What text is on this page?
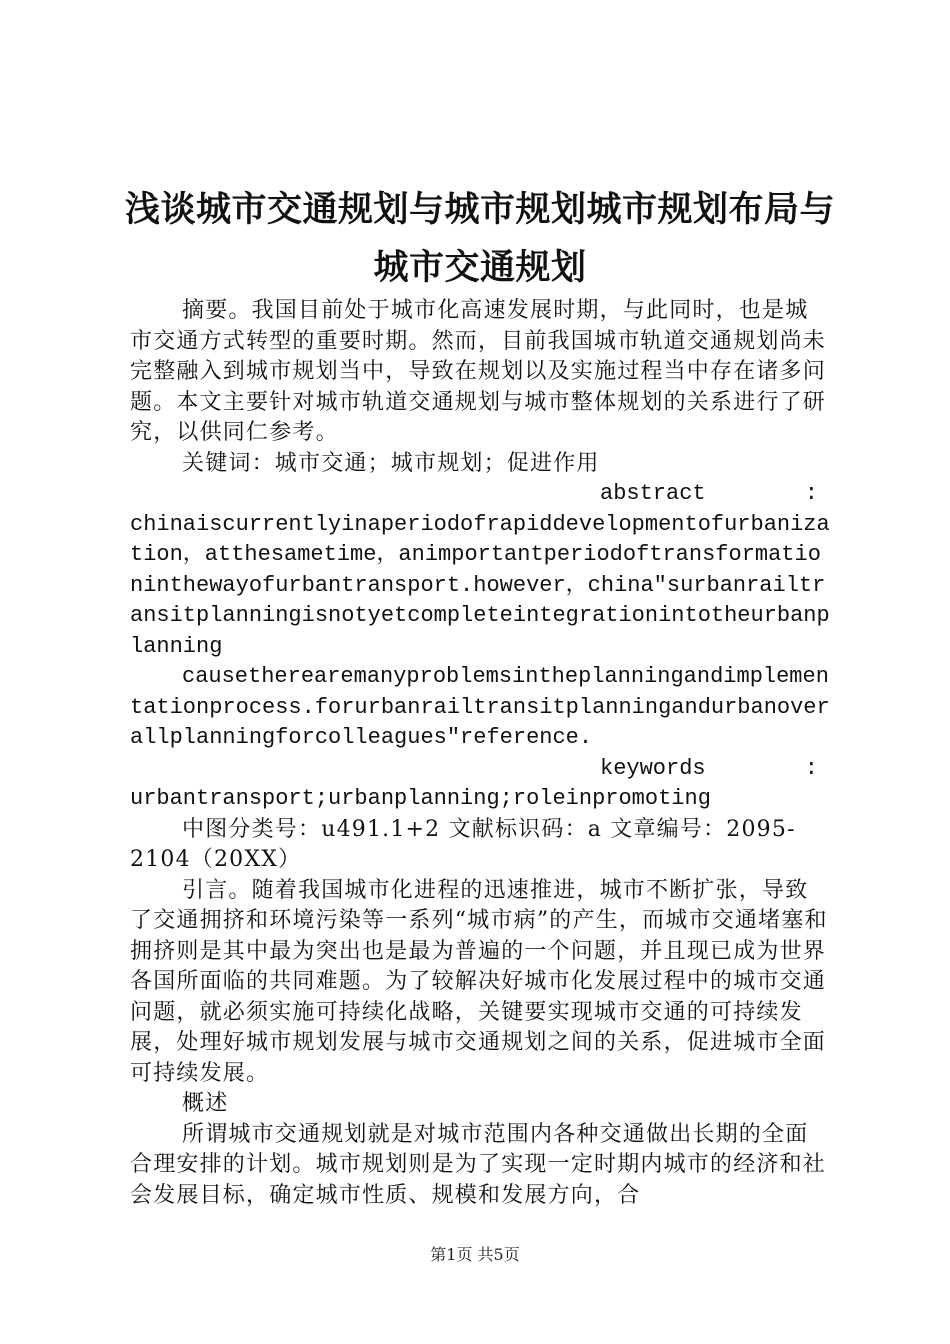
浅谈城市交通规划与城市规划城市规划布局与
城市交通规划

摘要。我国目前处于城市化高速发展时期，与此同时，也是城市交通方式转型的重要时期。然而，目前我国城市轨道交通规划尚未完整融入到城市规划当中，导致在规划以及实施过程当中存在诸多问题。本文主要针对城市轨道交通规划与城市整体规划的关系进行了研究，以供同仁参考。

关键词：城市交通；城市规划；促进作用

abstract	:

chinaiscurrentlyinaperiodofrapiddevelopmentofurbanization，atthesametime，animportantperiodoftransformationinthewayofurbantransport.however，china"surbanrailtransitplanningisnotyetcompleteintegrationintotheurbanplanning

causetherearemanyproblemsintheplanningandimplementationprocess.forurbanrailtransitplanningandurbanoverallplanningforcolleagues"reference.

keywords	:

urbantransport;urbanplanning;roleinpromoting

中图分类号：u491.1+2 文献标识码：a 文章编号：2095-2104（20XX）

引言。随着我国城市化进程的迅速推进，城市不断扩张，导致了交通拥挤和环境污染等一系列“城市病”的产生，而城市交通堵塞和拥挤则是其中最为突出也是最为普遍的一个问题，并且现已成为世界各国所面临的共同难题。为了较解决好城市化发展过程中的城市交通问题，就必须实施可持续化战略，关键要实现城市交通的可持续发展，处理好城市规划发展与城市交通规划之间的关系，促进城市全面可持续发展。

概述

所谓城市交通规划就是对城市范围内各种交通做出长期的全面合理安排的计划。城市规划则是为了实现一定时期内城市的经济和社会发展目标，确定城市性质、规模和发展方向，合

第1页 共5页
